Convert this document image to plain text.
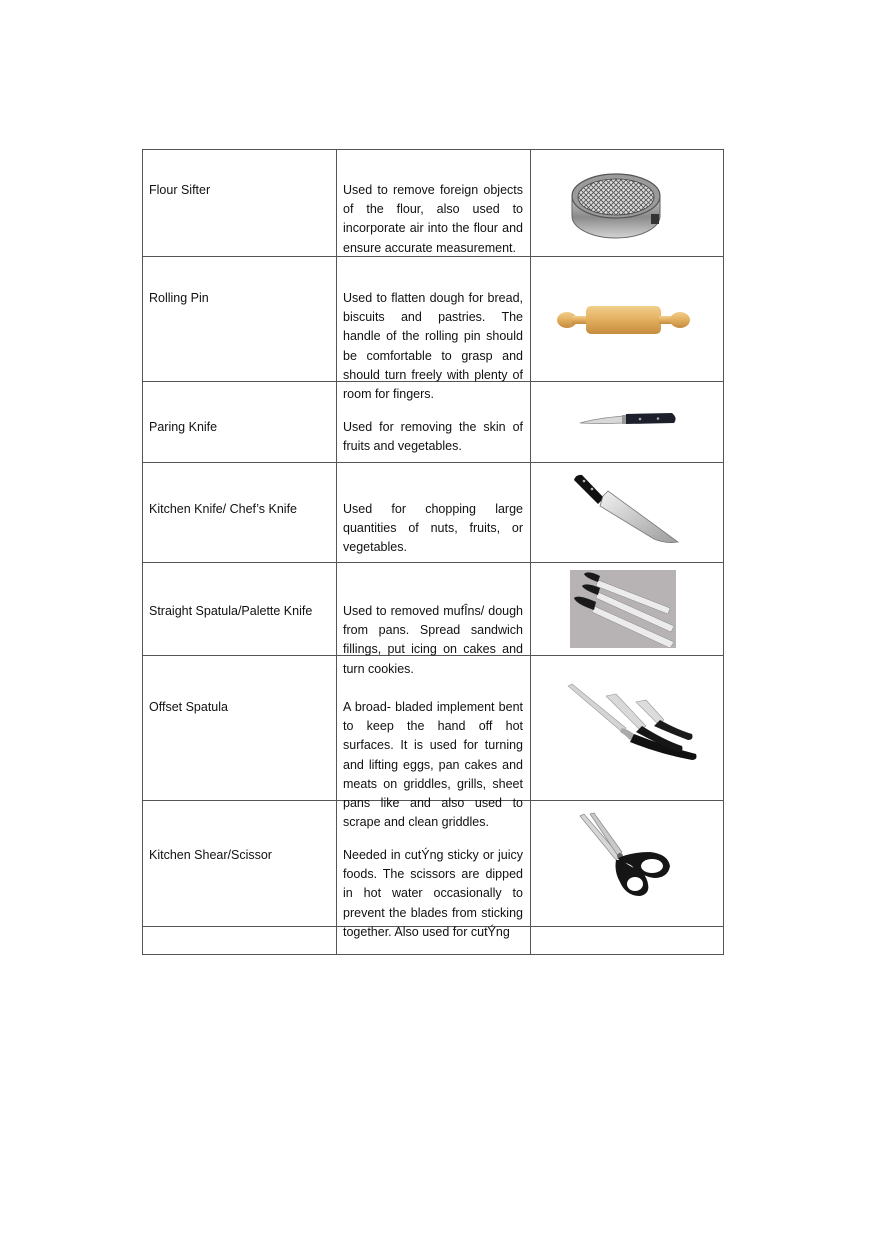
Flour Sifter	Used to remove foreign objects of the flour, also used to incorporate air into the flour and ensure accurate measurement.
Rolling Pin	Used to flatten dough for bread, biscuits and pastries. The handle of the rolling pin should be comfortable to grasp and should turn freely with plenty of room for fingers.
Paring Knife	Used for removing the skin of fruits and vegetables.
Kitchen Knife/ Chef’s Knife	Used for chopping large quantities of nuts, fruits, or vegetables.
Straight Spatula/Palette Knife	Used to removed mufÎns/ dough from pans. Spread sandwich fillings, put icing on cakes and turn cookies.
Offset Spatula	A broad- bladed implement bent to keep the hand off hot surfaces. It is used for turning and lifting eggs, pan cakes and meats on griddles, grills, sheet pans like and also used to scrape and clean griddles.
Kitchen Shear/Scissor	Needed in cutÝng sticky or juicy foods. The scissors are dipped in hot water occasionally to prevent the blades from sticking together. Also used for cutÝng
